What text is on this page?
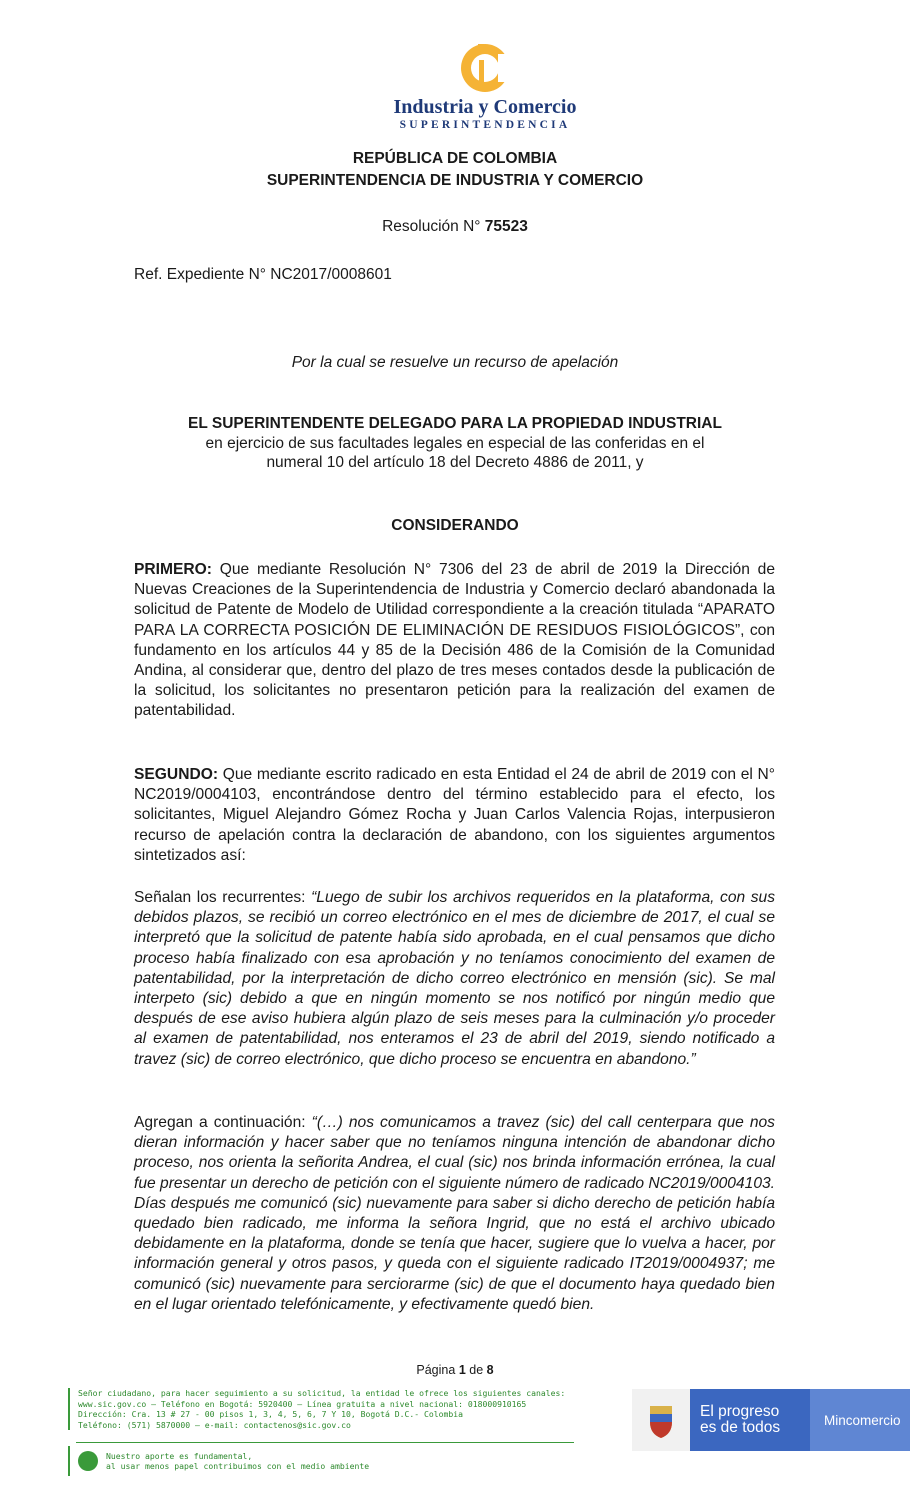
Industria y Comercio
SUPERINTENDENCIA
REPÚBLICA DE COLOMBIA
SUPERINTENDENCIA DE INDUSTRIA Y COMERCIO
Resolución N° 75523
Ref. Expediente N° NC2017/0008601
Por la cual se resuelve un recurso de apelación
EL SUPERINTENDENTE DELEGADO PARA LA PROPIEDAD INDUSTRIAL
en ejercicio de sus facultades legales en especial de las conferidas en el
numeral 10 del artículo 18 del Decreto 4886 de 2011, y
CONSIDERANDO
PRIMERO: Que mediante Resolución N° 7306 del 23 de abril de 2019 la Dirección de Nuevas Creaciones de la Superintendencia de Industria y Comercio declaró abandonada la solicitud de Patente de Modelo de Utilidad correspondiente a la creación titulada “APARATO PARA LA CORRECTA POSICIÓN DE ELIMINACIÓN DE RESIDUOS FISIOLÓGICOS”, con fundamento en los artículos 44 y 85 de la Decisión 486 de la Comisión de la Comunidad Andina, al considerar que, dentro del plazo de tres meses contados desde la publicación de la solicitud, los solicitantes no presentaron petición para la realización del examen de patentabilidad.
SEGUNDO: Que mediante escrito radicado en esta Entidad el 24 de abril de 2019 con el N° NC2019/0004103, encontrándose dentro del término establecido para el efecto, los solicitantes, Miguel Alejandro Gómez Rocha y Juan Carlos Valencia Rojas, interpusieron recurso de apelación contra la declaración de abandono, con los siguientes argumentos sintetizados así:
Señalan los recurrentes: “Luego de subir los archivos requeridos en la plataforma, con sus debidos plazos, se recibió un correo electrónico en el mes de diciembre de 2017, el cual se interpretó que la solicitud de patente había sido aprobada, en el cual pensamos que dicho proceso había finalizado con esa aprobación y no teníamos conocimiento del examen de patentabilidad, por la interpretación de dicho correo electrónico en mensión (sic). Se mal interpeto (sic) debido a que en ningún momento se nos notificó por ningún medio que después de ese aviso hubiera algún plazo de seis meses para la culminación y/o proceder al examen de patentabilidad, nos enteramos el 23 de abril del 2019, siendo notificado a travez (sic) de correo electrónico, que dicho proceso se encuentra en abandono.”
Agregan a continuación: “(…) nos comunicamos a travez (sic) del call centerpara que nos dieran información y hacer saber que no teníamos ninguna intención de abandonar dicho proceso, nos orienta la señorita Andrea, el cual (sic) nos brinda información errónea, la cual fue presentar un derecho de petición con el siguiente número de radicado NC2019/0004103. Días después me comunicó (sic) nuevamente para saber si dicho derecho de petición había quedado bien radicado, me informa la señora Ingrid, que no está el archivo ubicado debidamente en la plataforma, donde se tenía que hacer, sugiere que lo vuelva a hacer, por información general y otros pasos, y queda con el siguiente radicado IT2019/0004937; me comunicó (sic) nuevamente para serciorarme (sic) de que el documento haya quedado bien en el lugar orientado telefónicamente, y efectivamente quedó bien.
Página 1 de 8
Señor ciudadano, para hacer seguimiento a su solicitud, la entidad le ofrece los siguientes canales:
www.sic.gov.co – Teléfono en Bogotá: 5920400 – Línea gratuita a nivel nacional: 018000910165
Dirección: Cra. 13 # 27 - 00 pisos 1, 3, 4, 5, 6, 7 Y 10, Bogotá D.C.- Colombia
Teléfono: (571) 5870000 – e-mail: contactenos@sic.gov.co
Nuestro aporte es fundamental,
al usar menos papel contribuimos con el medio ambiente
El progreso
es de todos	Mincomercio
